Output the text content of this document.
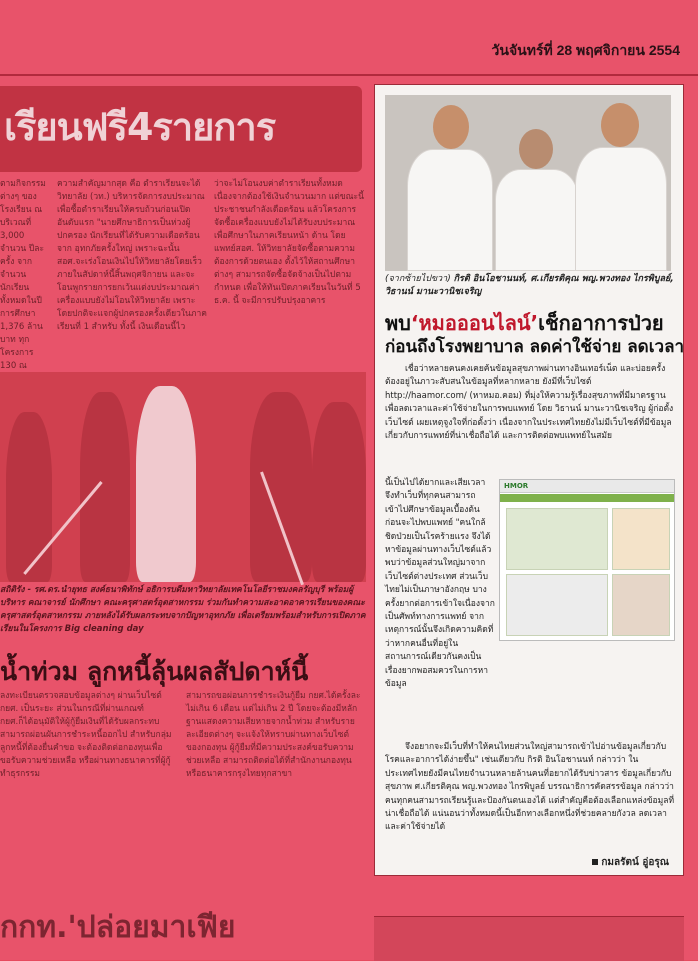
วันจันทร์ที่ 28 พฤศจิกายน 2554
เรียนฟรี4รายการ
ตามกิจกรรมต่างๆ ของโรงเรียน ณ บริเวณที่ 3,000 จำนวน ปีละครั้ง จากจำนวน นักเรียนทั้งหมดในปีการศึกษา 1,376 ล้าน บาท ทุกโครงการ 130 ณ
ความสำคัญมากสุด คือ ตำราเรียนจะได้ วิทยาลัย (วท.) บริหารจัดการงบประมาณ เพื่อซื้อตำราเรียนให้ครบถ้วนก่อนเปิด อันดับแรก "นายศึกษาธิการเป็นห่วงผู้ปกครอง นักเรียนที่ได้รับความเดือดร้อนจาก อุทกภัยครั้งใหญ่ เพราะฉะนั้น สอศ.จะเร่งโอนเงินไปให้วิทยาลัยโดยเร็ว ภายในสัปดาห์นี้สิ้นพฤศจิกายน และจะโอนพูกรายการยกเว้นแต่งบประมาณค่าเครื่องแบบยังไม่โอนให้วิทยาลัย เพราะ โดยปกติจะแจกผู้ปกครองครั้งเดียวในภาคเรียนที่ 1 สำหรับ ทั้งนี้ เงินเดือนนี้ไว
ว่าจะไม่โอนงบค่าตำราเรียนทั้งหมด เนื่องจากต้องใช้เงินจำนวนมาก แต่ขณะนี้ประชาชนกำลังเดือดร้อน แล้วโครงการจัดซื้อเครื่องแบบยังไม่ได้รับงบประมาณเพื่อศึกษาในภาคเรียนหน้า ด้าน โดยแพทย์สอศ. ให้วิทยาลัยจัดซื้อตามความต้องการด้วยตนเอง ตั้งไว้ให้สถานศึกษาต่างๆ สามารถจัดซื้อจัดจ้างเป็นไปตามกำหนด เพื่อให้ทันเปิดภาคเรียนในวันที่ 5 ธ.ค. นี้ จะมีการปรับปรุงอาคาร
สถิติรัง - รศ.ดร.นำยุทธ สงค์ธนาพิทักษ์ อธิการบดีมหาวิทยาลัยเทคโนโลยีราชมงคลรัญบุรี พร้อมผู้บริหาร คณาจารย์ นักศึกษา คณะครุศาสตร์อุตสาหกรรม ร่วมกันทำความสะอาดอาคารเรียนของคณะครุศาสตร์อุตสาหกรรม ภายหลังได้รับผลกระทบจากปัญหาอุทกภัย เพื่อเตรียมพร้อมสำหรับการเปิดภาคเรียนในโครงการ Big cleaning day
น้ำท่วม ลูกหนี้ลุ้นผลสัปดาห์นี้
ลงทะเบียนตรวจสอบข้อมูลต่างๆ ผ่านเว็บไซต์ กยศ. เป็นระยะ ส่วนในกรณีที่ผ่านเกณฑ์ กยศ.ก็ได้อนุมัติให้ผู้กู้ยืมเงินที่ได้รับผลกระทบสามารถผ่อนผันการชำระหนี้ออกไป สำหรับกลุ่มลูกหนี้ที่ต้องยื่นคำขอ จะต้องติดต่อกองทุนเพื่อขอรับความช่วยเหลือ หรือผ่านทางธนาคารที่ผู้กู้ทำธุรกรรม
สามารถขอผ่อนการชำระเงินกู้ยืม กยศ.ได้ครั้งละไม่เกิน 6 เดือน แต่ไม่เกิน 2 ปี โดยจะต้องมีหลักฐานแสดงความเสียหายจากน้ำท่วม สำหรับรายละเอียดต่างๆ จะแจ้งให้ทราบผ่านทางเว็บไซต์ของกองทุน ผู้กู้ยืมที่มีความประสงค์ขอรับความช่วยเหลือ สามารถติดต่อได้ที่สำนักงานกองทุนหรือธนาคารกรุงไทยทุกสาขา
กกท.'ปล่อยมาเฟีย
(จากซ้ายไปขวา) กิรติ อินโอชานนท์, ศ.เกียรติคุณ พญ.พวงทอง ไกรพิบูลย์, วิธานน์ มานะวานิชเจริญ
พบ‘หมอออนไลน์’เช็กอาการป่วย
ก่อนถึงโรงพยาบาล ลดค่าใช้จ่าย ลดเวลา
เชื่อว่าหลายคนคงเคยค้นข้อมูลสุขภาพผ่านทางอินเทอร์เน็ต และบ่อยครั้งต้องอยู่ในภาวะสับสนในข้อมูลที่หลากหลาย ยังมีที่เว็บไซต์ http://haamor.com/ (หาหมอ.คอม) ที่มุ่งให้ความรู้เรื่องสุขภาพที่มีมาตรฐาน เพื่อลดเวลาและค่าใช้จ่ายในการพบแพทย์ โดย วิธานน์ มานะวานิชเจริญ ผู้ก่อตั้งเว็บไซต์ เผยเหตุจูงใจที่ก่อตั้งว่า เนื่องจากในประเทศไทยยังไม่มีเว็บไซต์ที่มีข้อมูลเกี่ยวกับการแพทย์ที่น่าเชื่อถือได้ และการติดต่อพบแพทย์ในสมัย
นี้เป็นไปได้ยากและเสียเวลา จึงทำเว็บที่ทุกคนสามารถเข้าไปศึกษาข้อมูลเบื้องต้นก่อนจะไปพบแพทย์ "คนใกล้ชิดป่วยเป็นโรคร้ายแรง จึงได้หาข้อมูลผ่านทางเว็บไซต์แล้วพบว่าข้อมูลส่วนใหญ่มาจากเว็บไซต์ต่างประเทศ ส่วนเว็บไทยไม่เป็นภาษาอังกฤษ บางครั้งยากต่อการเข้าใจเนื่องจากเป็นศัพท์ทางการแพทย์ จากเหตุการณ์นั้นจึงเกิดความคิดที่ว่าหากคนอื่นที่อยู่ในสถานการณ์เดียวกันคงเป็นเรื่องยากพอสมควรในการหาข้อมูล
HMOR
จึงอยากจะมีเว็บที่ทำให้คนไทยส่วนใหญ่สามารถเข้าไปอ่านข้อมูลเกี่ยวกับโรคและอาการได้ง่ายขึ้น" เช่นเดียวกับ กิรติ อินโอชานนท์ กล่าวว่า ในประเทศไทยยังมีคนไทยจำนวนหลายล้านคนที่อยากได้รับข่าวสาร ข้อมูลเกี่ยวกับสุขภาพ ศ.เกียรติคุณ พญ.พวงทอง ไกรพิบูลย์ บรรณาธิการคัดสรรข้อมูล กล่าวว่า คนทุกคนสามารถเรียนรู้และป้องกันตนเองได้ แต่สำคัญคือต้องเลือกแหล่งข้อมูลที่น่าเชื่อถือได้ แน่นอนว่าทั้งหมดนี้เป็นอีกทางเลือกหนึ่งที่ช่วยคลายกังวล ลดเวลา และค่าใช้จ่ายได้
กมลรัตน์ อู่อรุณ
